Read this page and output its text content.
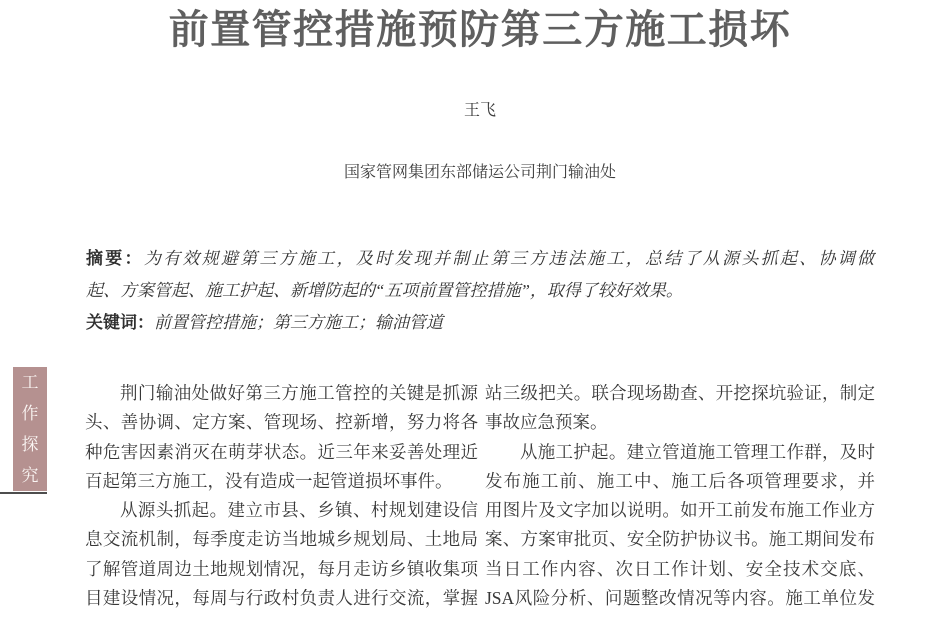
前置管控措施预防第三方施工损坏
王飞
国家管网集团东部储运公司荆门输油处
摘要：为有效规避第三方施工，及时发现并制止第三方违法施工，总结了从源头抓起、协调做
起、方案管起、施工护起、新增防起的“五项前置管控措施”，取得了较好效果。
关键词：前置管控措施；第三方施工；输油管道
工
作
探
究
荆门输油处做好第三方施工管控的关键是抓源
头、善协调、定方案、管现场、控新增，努力将各
种危害因素消灭在萌芽状态。近三年来妥善处理近
百起第三方施工，没有造成一起管道损坏事件。
从源头抓起。建立市县、乡镇、村规划建设信
息交流机制，每季度走访当地城乡规划局、土地局
了解管道周边土地规划情况，每月走访乡镇收集项
目建设情况，每周与行政村负责人进行交流，掌握
站三级把关。联合现场勘查、开挖探坑验证，制定
事故应急预案。
从施工护起。建立管道施工管理工作群，及时
发布施工前、施工中、施工后各项管理要求，并
用图片及文字加以说明。如开工前发布施工作业方
案、方案审批页、安全防护协议书。施工期间发布
当日工作内容、次日工作计划、安全技术交底、
JSA风险分析、问题整改情况等内容。施工单位发
